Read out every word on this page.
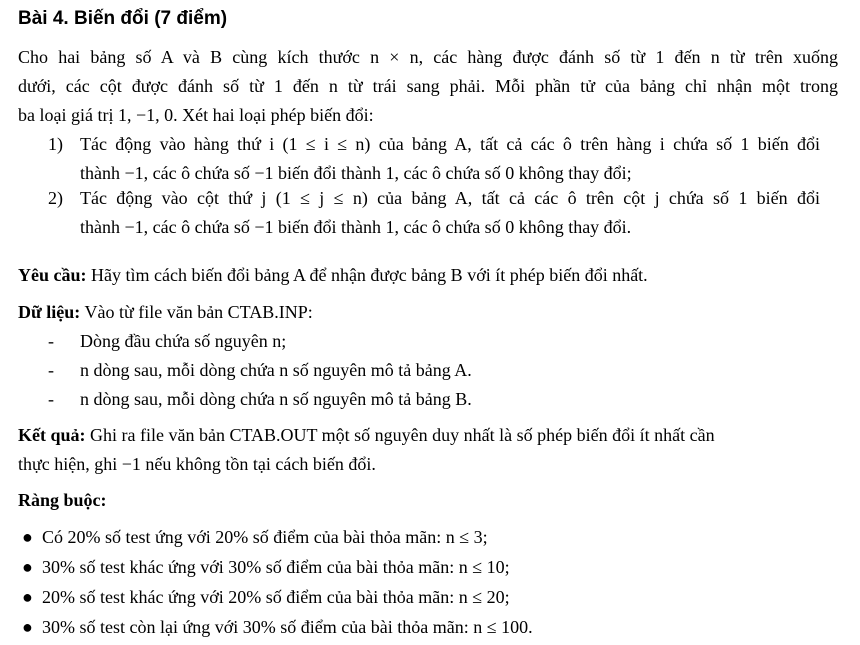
Bài 4. Biến đổi (7 điểm)
Cho hai bảng số A và B cùng kích thước n × n, các hàng được đánh số từ 1 đến n từ trên xuống
dưới, các cột được đánh số từ 1 đến n từ trái sang phải. Mỗi phần tử của bảng chỉ nhận một trong
ba loại giá trị 1, −1, 0. Xét hai loại phép biến đổi:
1) Tác động vào hàng thứ i (1 ≤ i ≤ n) của bảng A, tất cả các ô trên hàng i chứa số 1 biến đổi
thành −1, các ô chứa số −1 biến đổi thành 1, các ô chứa số 0 không thay đổi;
2) Tác động vào cột thứ j (1 ≤ j ≤ n) của bảng A, tất cả các ô trên cột j chứa số 1 biến đổi
thành −1, các ô chứa số −1 biến đổi thành 1, các ô chứa số 0 không thay đổi.
Yêu cầu: Hãy tìm cách biến đổi bảng A để nhận được bảng B với ít phép biến đổi nhất.
Dữ liệu: Vào từ file văn bản CTAB.INP:
- Dòng đầu chứa số nguyên n;
- n dòng sau, mỗi dòng chứa n số nguyên mô tả bảng A.
- n dòng sau, mỗi dòng chứa n số nguyên mô tả bảng B.
Kết quả: Ghi ra file văn bản CTAB.OUT một số nguyên duy nhất là số phép biến đổi ít nhất cần
thực hiện, ghi −1 nếu không tồn tại cách biến đổi.
Ràng buộc:
● Có 20% số test ứng với 20% số điểm của bài thỏa mãn: n ≤ 3;
● 30% số test khác ứng với 30% số điểm của bài thỏa mãn: n ≤ 10;
● 20% số test khác ứng với 20% số điểm của bài thỏa mãn: n ≤ 20;
● 30% số test còn lại ứng với 30% số điểm của bài thỏa mãn: n ≤ 100.
